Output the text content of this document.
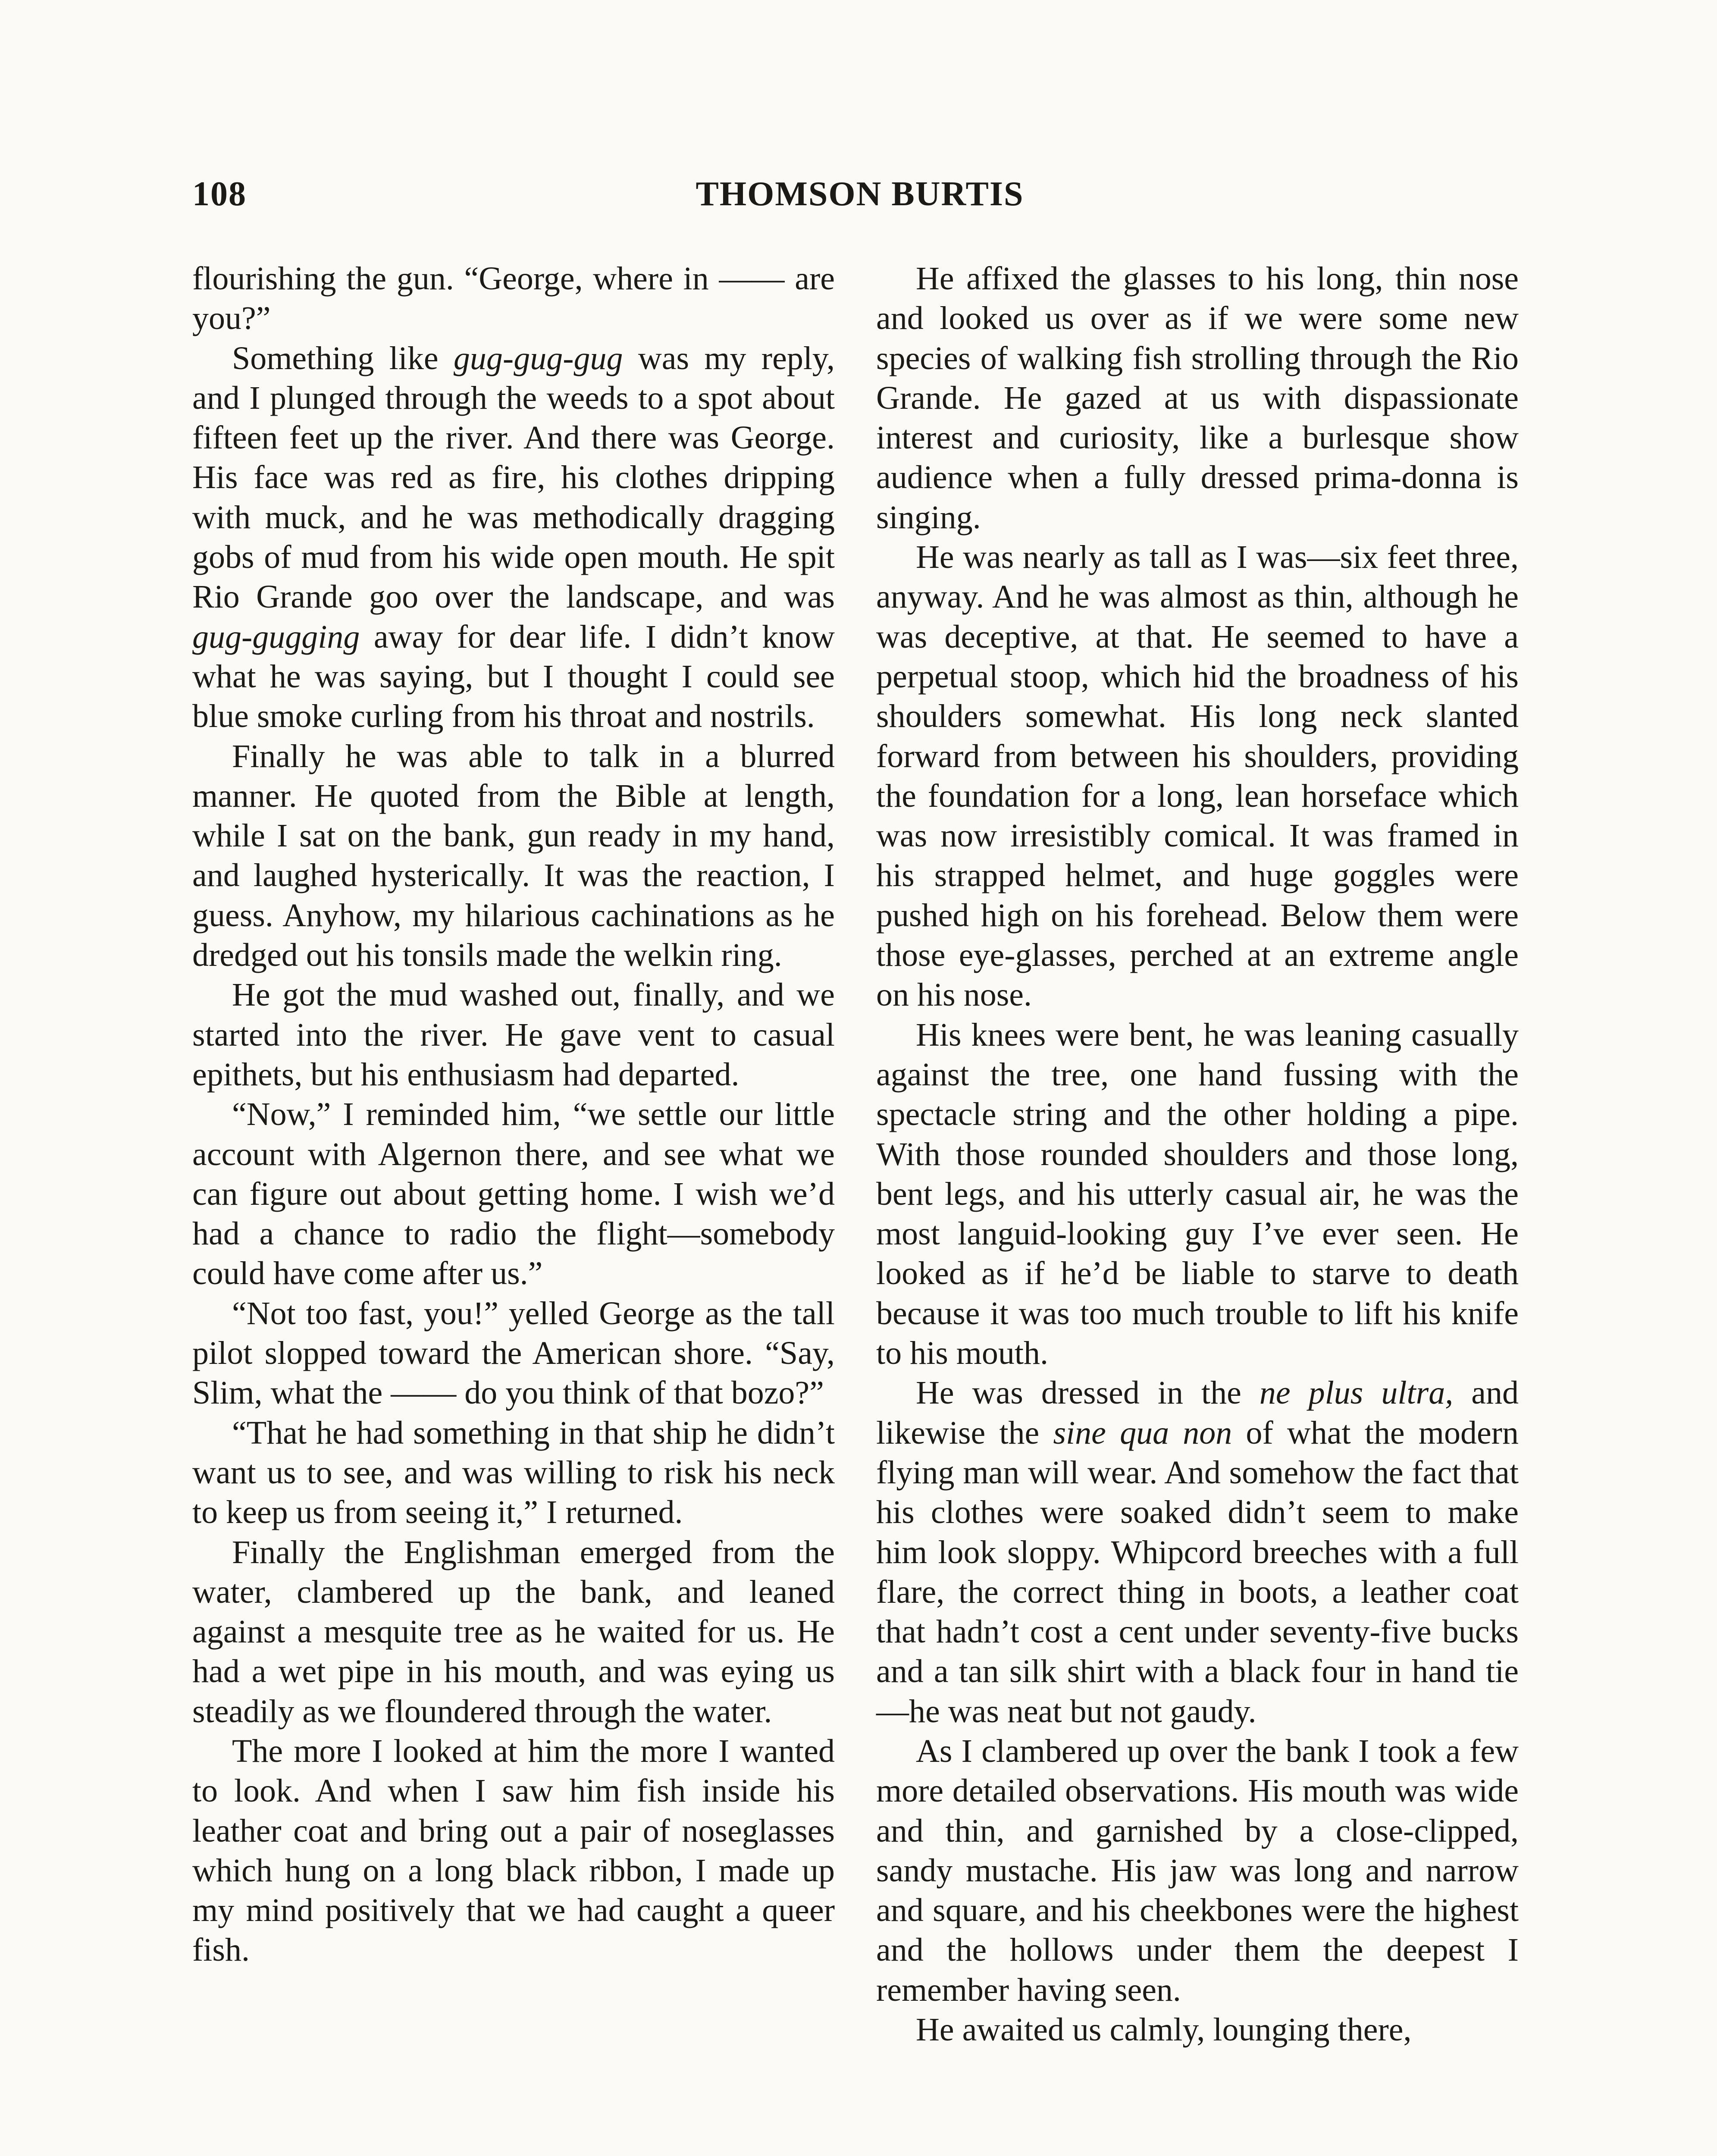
108	THOMSON BURTIS

flourishing the gun. “George, where in —— are you?”

Something like gug-gug-gug was my reply, and I plunged through the weeds to a spot about fifteen feet up the river. And there was George. His face was red as fire, his clothes dripping with muck, and he was methodically dragging gobs of mud from his wide open mouth. He spit Rio Grande goo over the landscape, and was gug-gugging away for dear life. I didn’t know what he was saying, but I thought I could see blue smoke curling from his throat and nostrils.

Finally he was able to talk in a blurred manner. He quoted from the Bible at length, while I sat on the bank, gun ready in my hand, and laughed hysterically. It was the reaction, I guess. Anyhow, my hilarious cachinations as he dredged out his tonsils made the welkin ring.

He got the mud washed out, finally, and we started into the river. He gave vent to casual epithets, but his enthusiasm had departed.

“Now,” I reminded him, “we settle our little account with Algernon there, and see what we can figure out about getting home. I wish we’d had a chance to radio the flight—somebody could have come after us.”

“Not too fast, you!” yelled George as the tall pilot slopped toward the American shore. “Say, Slim, what the —— do you think of that bozo?”

“That he had something in that ship he didn’t want us to see, and was willing to risk his neck to keep us from seeing it,” I returned.

Finally the Englishman emerged from the water, clambered up the bank, and leaned against a mesquite tree as he waited for us. He had a wet pipe in his mouth, and was eying us steadily as we floundered through the water.

The more I looked at him the more I wanted to look. And when I saw him fish inside his leather coat and bring out a pair of noseglasses which hung on a long black ribbon, I made up my mind positively that we had caught a queer fish.

He affixed the glasses to his long, thin nose and looked us over as if we were some new species of walking fish strolling through the Rio Grande. He gazed at us with dispassionate interest and curiosity, like a burlesque show audience when a fully dressed prima-donna is singing.

He was nearly as tall as I was—six feet three, anyway. And he was almost as thin, although he was deceptive, at that. He seemed to have a perpetual stoop, which hid the broadness of his shoulders somewhat. His long neck slanted forward from between his shoulders, providing the foundation for a long, lean horseface which was now irresistibly comical. It was framed in his strapped helmet, and huge goggles were pushed high on his forehead. Below them were those eye-glasses, perched at an extreme angle on his nose.

His knees were bent, he was leaning casually against the tree, one hand fussing with the spectacle string and the other holding a pipe. With those rounded shoulders and those long, bent legs, and his utterly casual air, he was the most languid-looking guy I’ve ever seen. He looked as if he’d be liable to starve to death because it was too much trouble to lift his knife to his mouth.

He was dressed in the ne plus ultra, and likewise the sine qua non of what the modern flying man will wear. And somehow the fact that his clothes were soaked didn’t seem to make him look sloppy. Whipcord breeches with a full flare, the correct thing in boots, a leather coat that hadn’t cost a cent under seventy-five bucks and a tan silk shirt with a black four in hand tie—he was neat but not gaudy.

As I clambered up over the bank I took a few more detailed observations. His mouth was wide and thin, and garnished by a close-clipped, sandy mustache. His jaw was long and narrow and square, and his cheekbones were the highest and the hollows under them the deepest I remember having seen.

He awaited us calmly, lounging there,
